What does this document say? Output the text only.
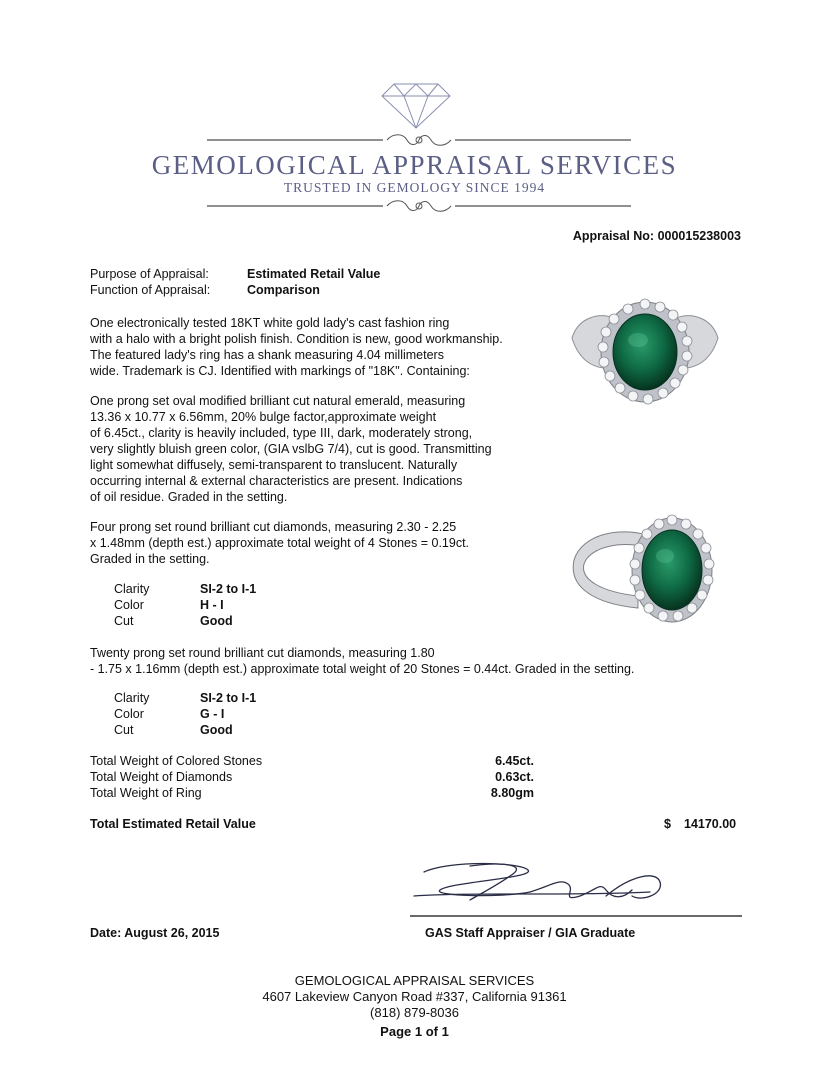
GEMOLOGICAL APPRAISAL SERVICES
TRUSTED IN GEMOLOGY SINCE 1994
Appraisal No: 000015238003
Purpose of Appraisal:	Estimated Retail Value
Function of Appraisal:	Comparison
One electronically tested 18KT white gold lady's cast fashion ring
with a halo with a bright polish finish. Condition is new, good workmanship.
The featured lady's ring has a shank measuring 4.04 millimeters
wide. Trademark is CJ. Identified with markings of "18K". Containing:
One prong set oval modified brilliant cut natural emerald, measuring
13.36 x 10.77 x 6.56mm, 20% bulge factor,approximate weight
of 6.45ct., clarity is heavily included, type III, dark, moderately strong,
very slightly bluish green color, (GIA vslbG 7/4), cut is good. Transmitting
light somewhat diffusely, semi-transparent to translucent. Naturally
occurring internal & external characteristics are present. Indications
of oil residue. Graded in the setting.
Four prong set round brilliant cut diamonds, measuring 2.30 - 2.25
x 1.48mm (depth est.) approximate total weight of 4 Stones = 0.19ct.
Graded in the setting.
Clarity	SI-2 to I-1
Color	H - I
Cut	Good
Twenty prong set round brilliant cut diamonds, measuring 1.80
- 1.75 x 1.16mm (depth est.) approximate total weight of 20 Stones = 0.44ct. Graded in the setting.
Clarity	SI-2 to I-1
Color	G - I
Cut	Good
Total Weight of Colored Stones	6.45ct.
Total Weight of Diamonds	0.63ct.
Total Weight of Ring	8.80gm
Total Estimated Retail Value	$ 14170.00
Date: August 26, 2015	GAS Staff Appraiser / GIA Graduate
GEMOLOGICAL APPRAISAL SERVICES
4607 Lakeview Canyon Road #337, California 91361
(818) 879-8036
Page 1 of 1
